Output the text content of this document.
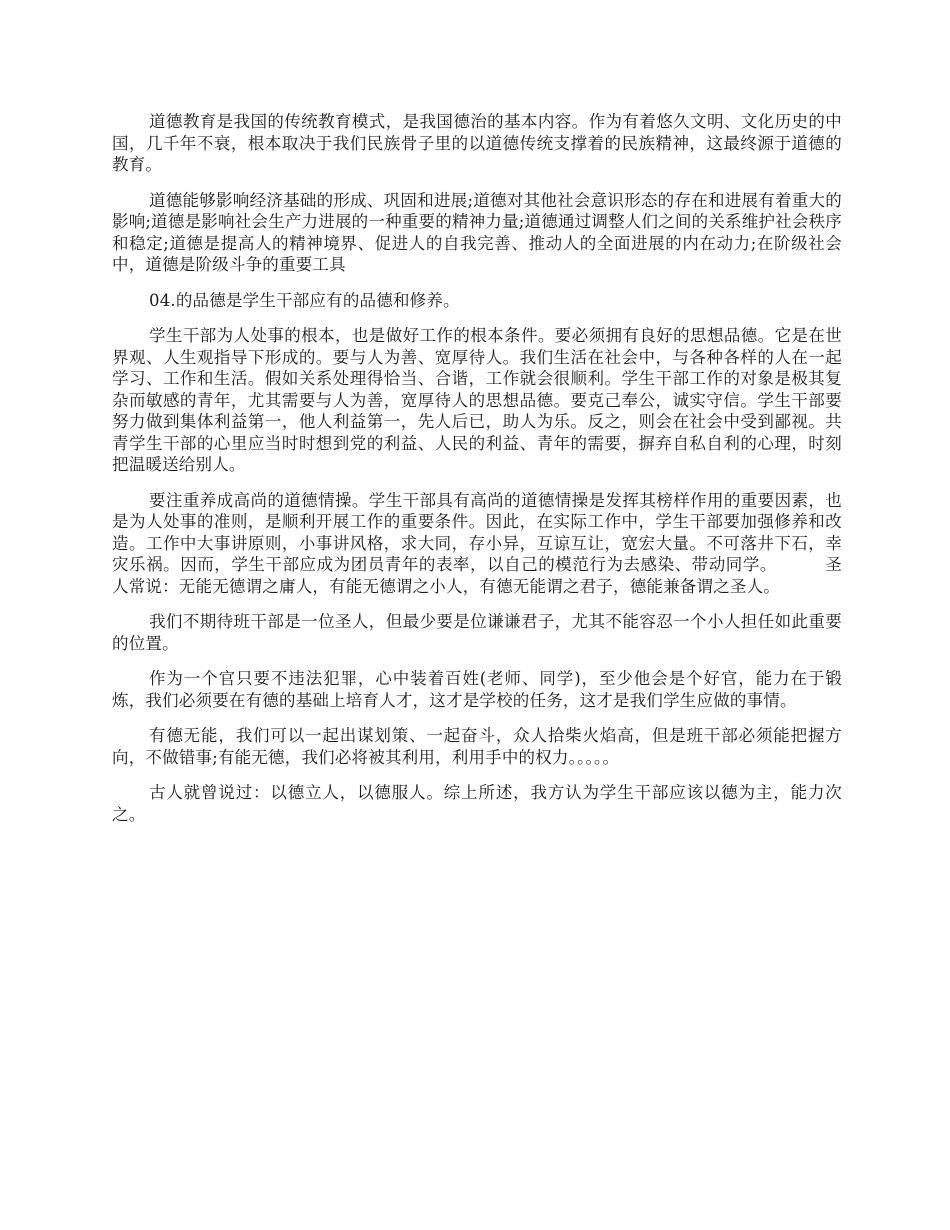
道德教育是我国的传统教育模式，是我国德治的基本内容。作为有着悠久文明、文化历史的中国，几千年不衰，根本取决于我们民族骨子里的以道德传统支撑着的民族精神，这最终源于道德的教育。

道德能够影响经济基础的形成、巩固和进展;道德对其他社会意识形态的存在和进展有着重大的影响;道德是影响社会生产力进展的一种重要的精神力量;道德通过调整人们之间的关系维护社会秩序和稳定;道德是提高人的精神境界、促进人的自我完善、推动人的全面进展的内在动力;在阶级社会中，道德是阶级斗争的重要工具

04.的品德是学生干部应有的品德和修养。

学生干部为人处事的根本，也是做好工作的根本条件。要必须拥有良好的思想品德。它是在世界观、人生观指导下形成的。要与人为善、宽厚待人。我们生活在社会中，与各种各样的人在一起学习、工作和生活。假如关系处理得恰当、合谐，工作就会很顺利。学生干部工作的对象是极其复杂而敏感的青年，尤其需要与人为善，宽厚待人的思想品德。要克己奉公，诚实守信。学生干部要努力做到集体利益第一，他人利益第一，先人后已，助人为乐。反之，则会在社会中受到鄙视。共青学生干部的心里应当时时想到党的利益、人民的利益、青年的需要，摒弃自私自利的心理，时刻把温暖送给别人。

要注重养成高尚的道德情操。学生干部具有高尚的道德情操是发挥其榜样作用的重要因素，也是为人处事的准则，是顺利开展工作的重要条件。因此，在实际工作中，学生干部要加强修养和改造。工作中大事讲原则，小事讲风格，求大同，存小异，互谅互让，宽宏大量。不可落井下石，幸灾乐祸。因而，学生干部应成为团员青年的表率，以自己的模范行为去感染、带动同学。	圣人常说：无能无德谓之庸人，有能无德谓之小人，有德无能谓之君子，德能兼备谓之圣人。

我们不期待班干部是一位圣人，但最少要是位谦谦君子，尤其不能容忍一个小人担任如此重要的位置。

作为一个官只要不违法犯罪，心中装着百姓(老师、同学)，至少他会是个好官，能力在于锻炼，我们必须要在有德的基础上培育人才，这才是学校的任务，这才是我们学生应做的事情。

有德无能，我们可以一起出谋划策、一起奋斗，众人拾柴火焰高，但是班干部必须能把握方向，不做错事;有能无德，我们必将被其利用，利用手中的权力。。。。。

古人就曾说过：以德立人，以德服人。综上所述，我方认为学生干部应该以德为主，能力次之。
